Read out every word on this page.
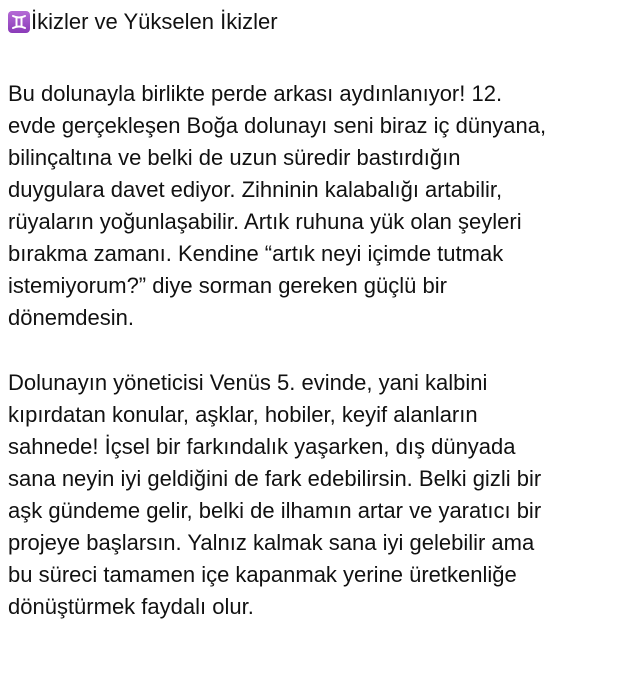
İkizler ve Yükselen İkizler
Bu dolunayla birlikte perde arkası aydınlanıyor! 12.
evde gerçekleşen Boğa dolunayı seni biraz iç dünyana,
bilinçaltına ve belki de uzun süredir bastırdığın
duygulara davet ediyor. Zihninin kalabalığı artabilir,
rüyaların yoğunlaşabilir. Artık ruhuna yük olan şeyleri
bırakma zamanı. Kendine “artık neyi içimde tutmak
istemiyorum?” diye sorman gereken güçlü bir
dönemdesin.
Dolunayın yöneticisi Venüs 5. evinde, yani kalbini
kıpırdatan konular, aşklar, hobiler, keyif alanların
sahnede! İçsel bir farkındalık yaşarken, dış dünyada
sana neyin iyi geldiğini de fark edebilirsin. Belki gizli bir
aşk gündeme gelir, belki de ilhamın artar ve yaratıcı bir
projeye başlarsın. Yalnız kalmak sana iyi gelebilir ama
bu süreci tamamen içe kapanmak yerine üretkenliğe
dönüştürmek faydalı olur.
